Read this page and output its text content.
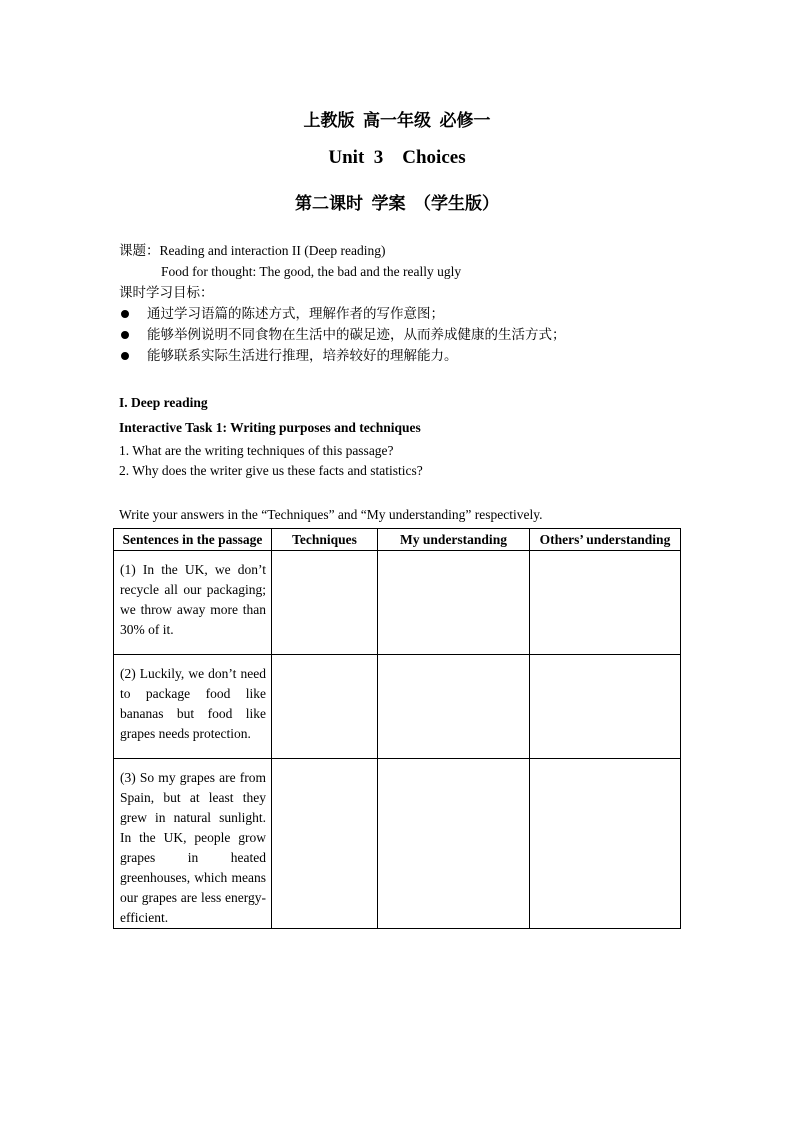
上教版  高一年级  必修一
Unit  3    Choices
第二课时  学案  （学生版）
课题：Reading and interaction II (Deep reading)
Food for thought: The good, the bad and the really ugly
课时学习目标：
通过学习语篇的陈述方式，理解作者的写作意图；
能够举例说明不同食物在生活中的碳足迹，从而养成健康的生活方式；
能够联系实际生活进行推理，培养较好的理解能力。
I. Deep reading
Interactive Task 1: Writing purposes and techniques
1. What are the writing techniques of this passage?
2. Why does the writer give us these facts and statistics?
Write your answers in the “Techniques” and “My understanding” respectively.
Sentences in the passage	Techniques	My understanding	Others’ understanding

(1) In the UK, we don’t recycle all our packaging; we throw away more than 30% of it.			

(2) Luckily, we don’t need to package food like bananas but food like grapes needs protection.			

(3) So my grapes are from Spain, but at least they grew in natural sunlight. In the UK, people grow grapes in heated greenhouses, which means our grapes are less energy-efficient.			
